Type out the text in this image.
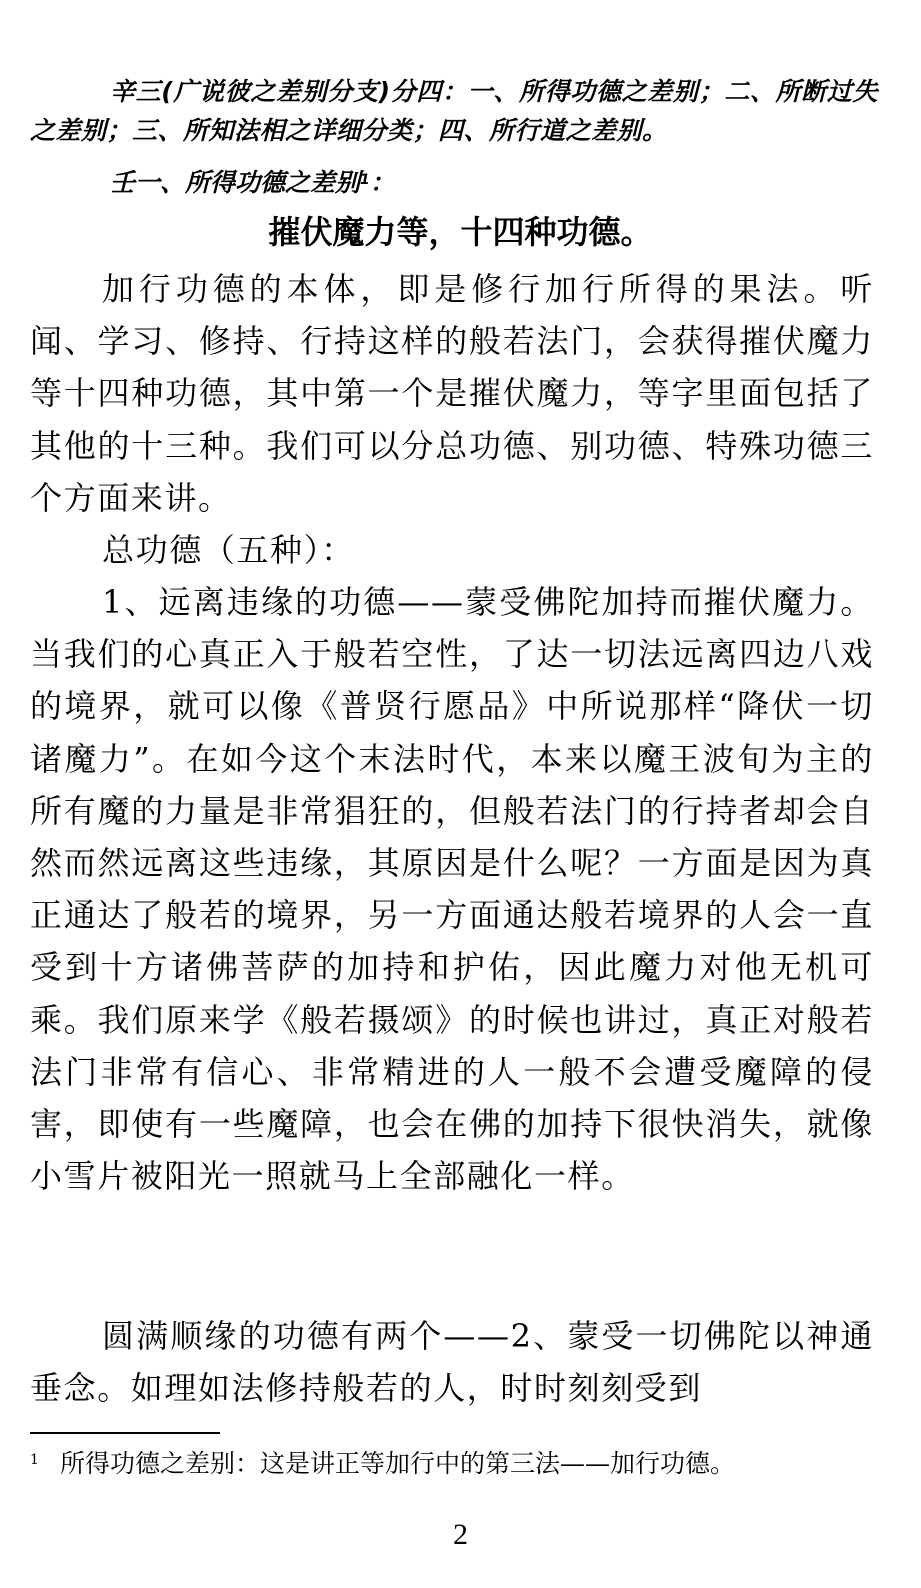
辛三(广说彼之差别分支)分四：一、所得功德之差别；二、所断过失之差别；三、所知法相之详细分类；四、所行道之差别。
壬一、所得功德之差别$^1$：
摧伏魔力等，十四种功德。

加行功德的本体，即是修行加行所得的果法。听闻、学习、修持、行持这样的般若法门，会获得摧伏魔力等十四种功德，其中第一个是摧伏魔力，等字里面包括了其他的十三种。我们可以分总功德、别功德、特殊功德三个方面来讲。

总功德（五种）：

1、远离违缘的功德——蒙受佛陀加持而摧伏魔力。当我们的心真正入于般若空性，了达一切法远离四边八戏的境界，就可以像《普贤行愿品》中所说那样“降伏一切诸魔力”。在如今这个末法时代，本来以魔王波旬为主的所有魔的力量是非常猖狂的，但般若法门的行持者却会自然而然远离这些违缘，其原因是什么呢？一方面是因为真正通达了般若的境界，另一方面通达般若境界的人会一直受到十方诸佛菩萨的加持和护佑，因此魔力对他无机可乘。我们原来学《般若摄颂》的时候也讲过，真正对般若法门非常有信心、非常精进的人一般不会遭受魔障的侵害，即使有一些魔障，也会在佛的加持下很快消失，就像小雪片被阳光一照就马上全部融化一样。

圆满顺缘的功德有两个——2、蒙受一切佛陀以神通垂念。如理如法修持般若的人，时时刻刻受到

1 所得功德之差别：这是讲正等加行中的第三法——加行功德。
2
